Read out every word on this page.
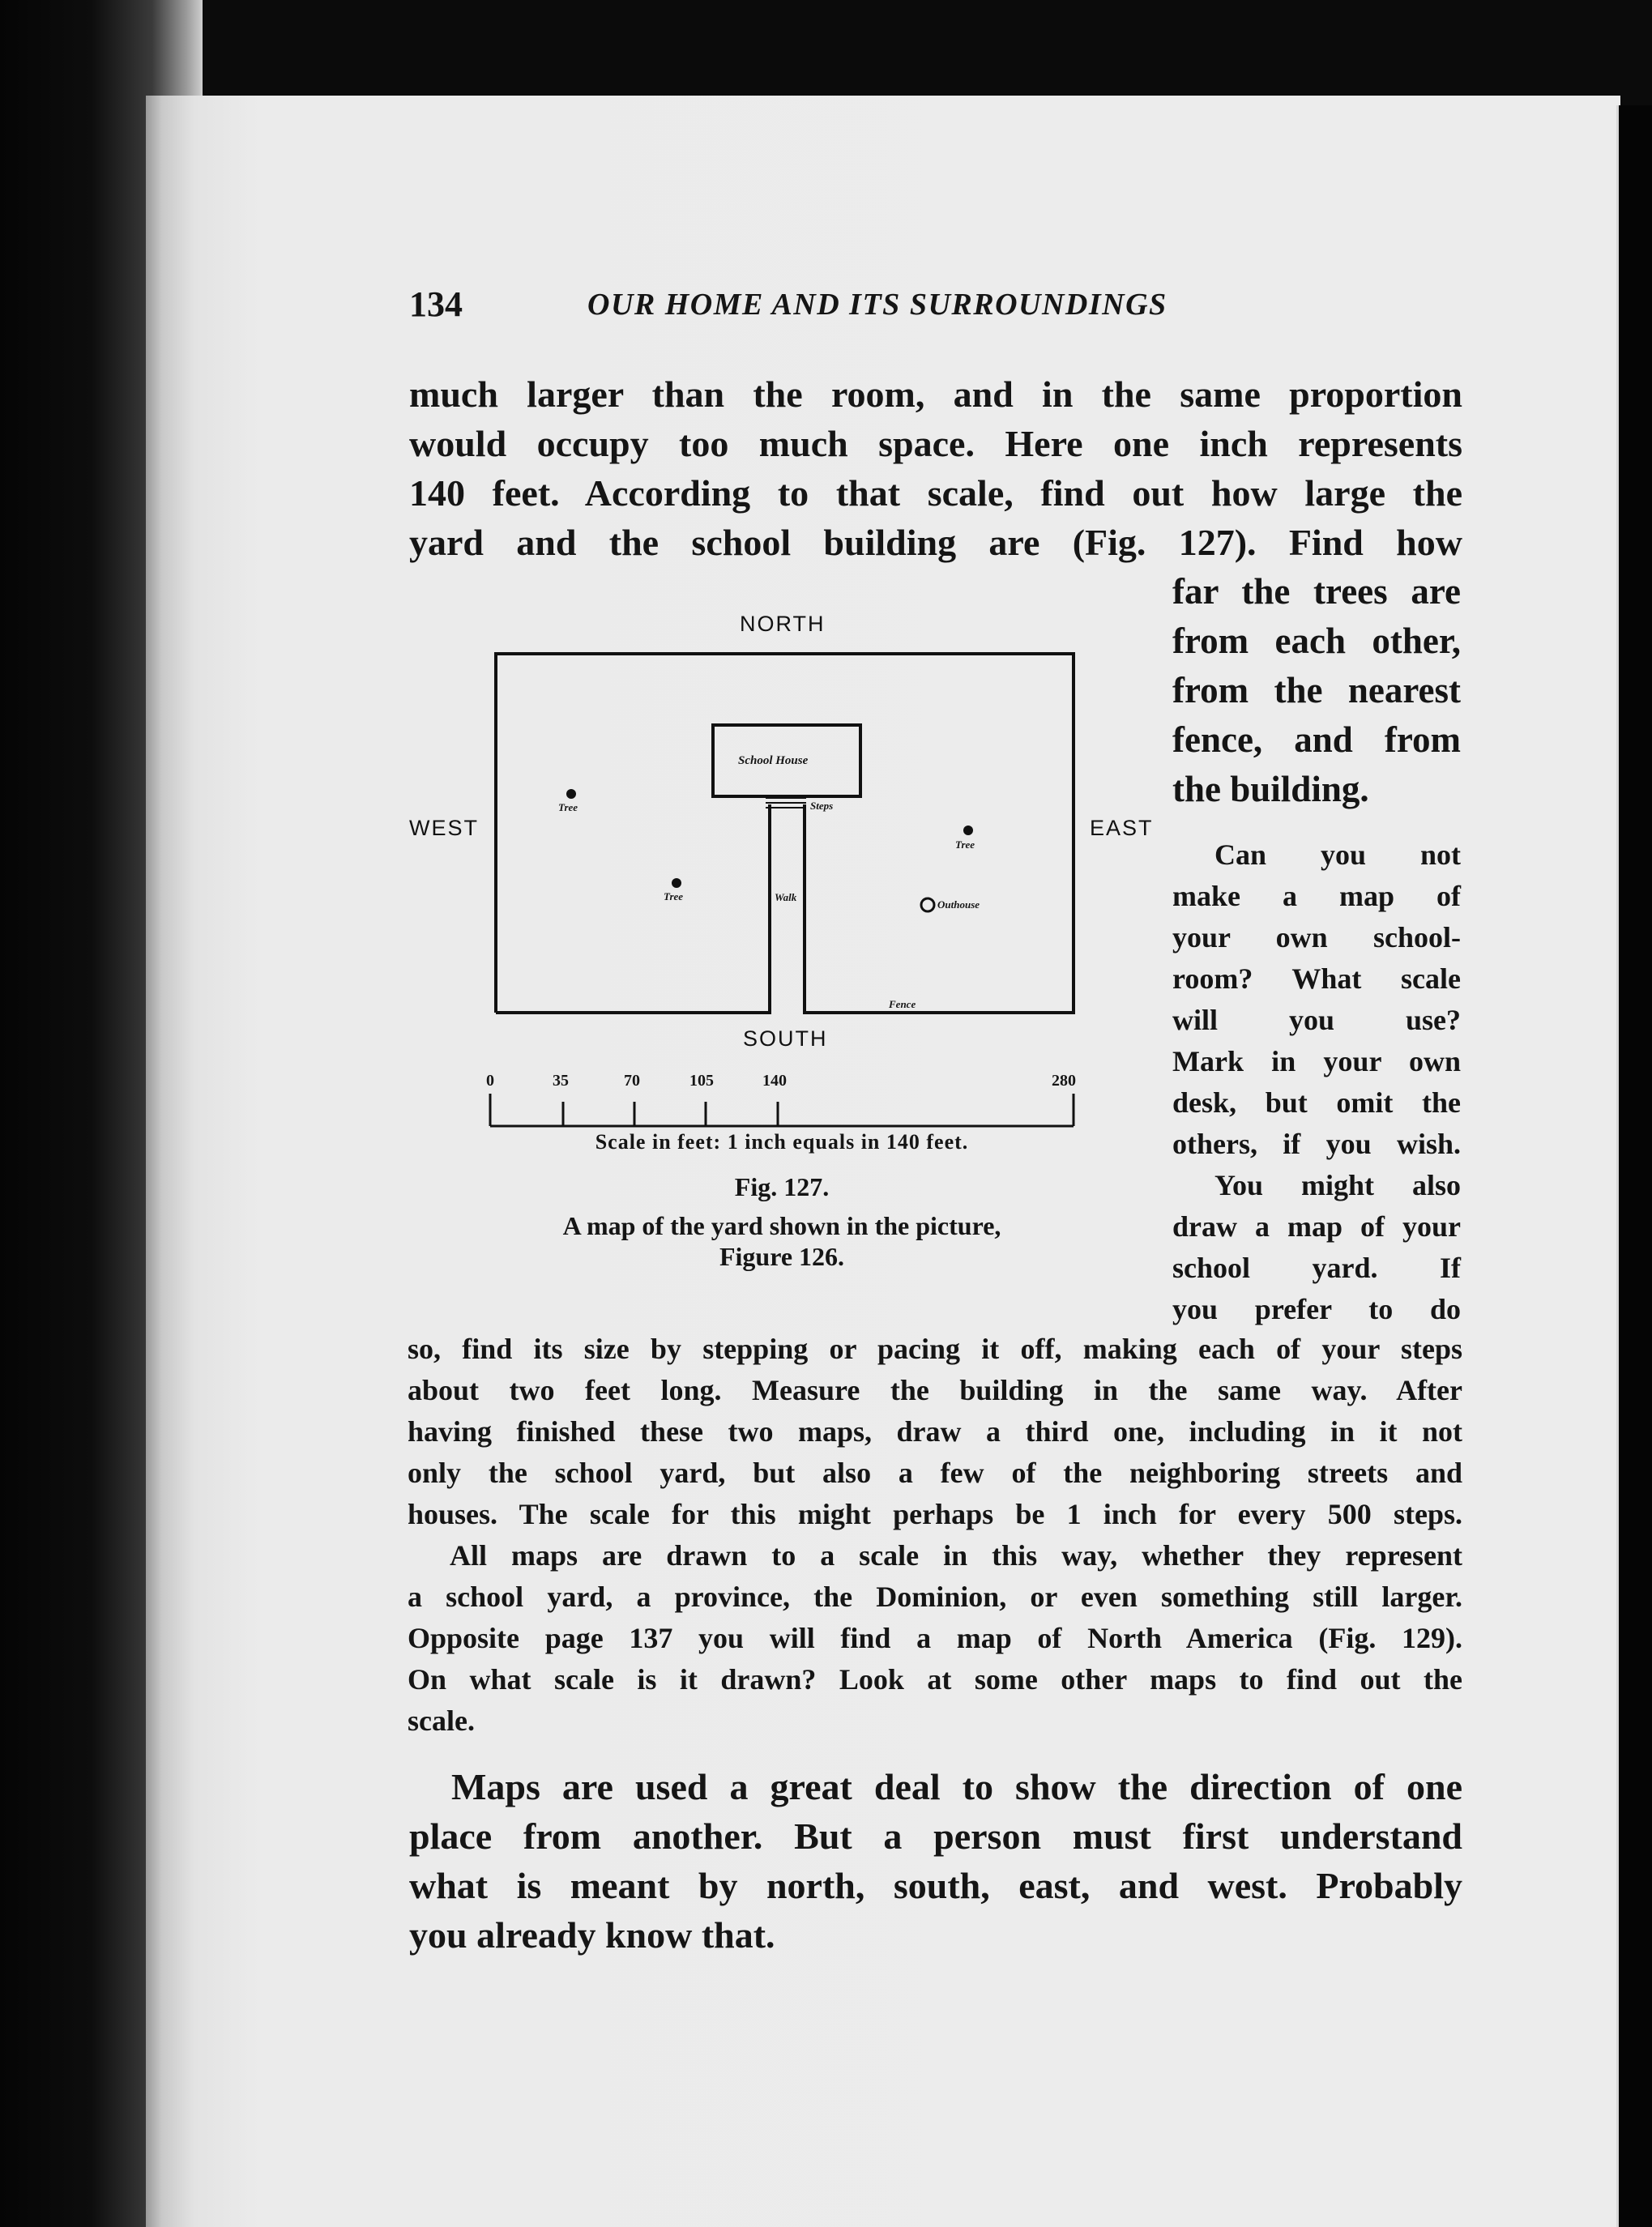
134	OUR HOME AND ITS SURROUNDINGS
much larger than the room, and in the same proportion
would occupy too much space. Here one inch represents
140 feet. According to that scale, find out how large the
yard and the school building are (Fig. 127). Find how
far the trees are
from each other,
from the nearest
fence, and from
the building.
Can you not
make a map of
your own school-
room? What scale
will you use?
Mark in your own
desk, but omit the
others, if you wish.
You might also
draw a map of your
school yard. If
you prefer to do
School House
Steps
Walk
Tree
Tree
Tree
Outhouse
Fence
NORTH
SOUTH
EAST
WEST
0	35	70	105	140	280
Scale in feet: 1 inch equals in 140 feet.
Fig. 127.
A map of the yard shown in the picture,
Figure 126.
so, find its size by stepping or pacing it off, making each of your steps
about two feet long. Measure the building in the same way. After
having finished these two maps, draw a third one, including in it not
only the school yard, but also a few of the neighboring streets and
houses. The scale for this might perhaps be 1 inch for every 500 steps.
All maps are drawn to a scale in this way, whether they represent
a school yard, a province, the Dominion, or even something still larger.
Opposite page 137 you will find a map of North America (Fig. 129).
On what scale is it drawn? Look at some other maps to find out the
scale.
Maps are used a great deal to show the direction of one
place from another. But a person must first understand
what is meant by north, south, east, and west. Probably
you already know that.
